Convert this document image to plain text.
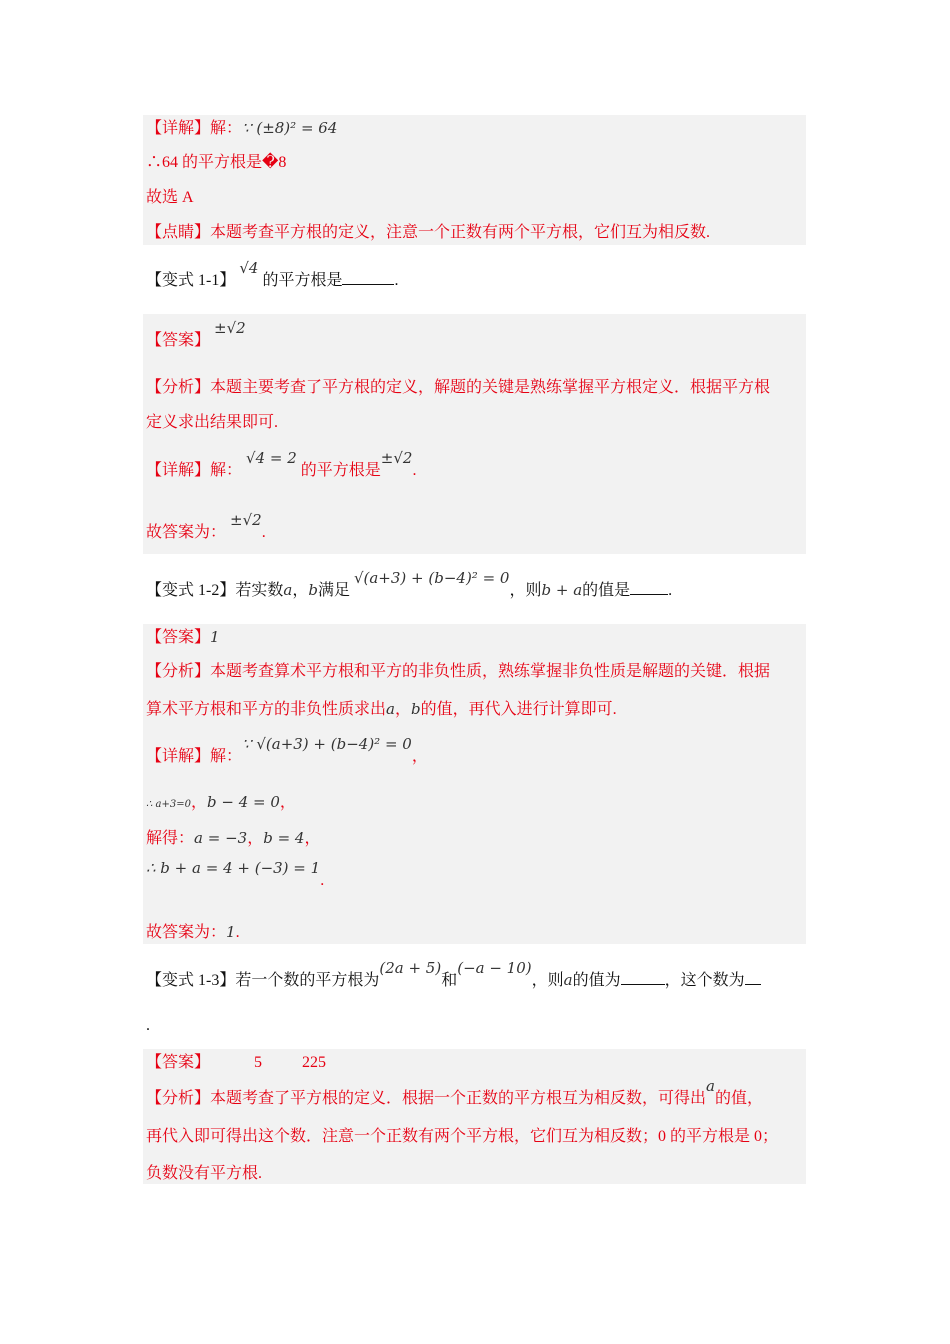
【详解】解：∵ (±8)² = 64
∴64 的平方根是�8
故选 A
【点睛】本题考查平方根的定义，注意一个正数有两个平方根，它们互为相反数.
【变式 1-1】 √4 的平方根是	.
【答案】 ±√2
【分析】本题主要考查了平方根的定义，解题的关键是熟练掌握平方根定义．根据平方根
定义求出结果即可.
【详解】解： √4 = 2 的平方根是±√2.
故答案为： ±√2.
【变式 1-2】若实数a，b满足 √(a+3) + (b−4)² = 0，则b + a的值是 .
【答案】1
【分析】本题考查算术平方根和平方的非负性质，熟练掌握非负性质是解题的关键．根据
算术平方根和平方的非负性质求出a，b的值，再代入进行计算即可.
【详解】解：∵ √(a+3) + (b−4)² = 0，
∴ a+3=0，b − 4 = 0，
解得：a = −3，b = 4，
∴ b + a = 4 + (−3) = 1.
故答案为：1.
【变式 1-3】若一个数的平方根为(2a + 5)和(−a − 10)，则a的值为	，这个数为
.
【答案】	5	225
【分析】本题考查了平方根的定义．根据一个正数的平方根互为相反数，可得出a的值，
再代入即可得出这个数．注意一个正数有两个平方根，它们互为相反数；0 的平方根是 0；
负数没有平方根.
